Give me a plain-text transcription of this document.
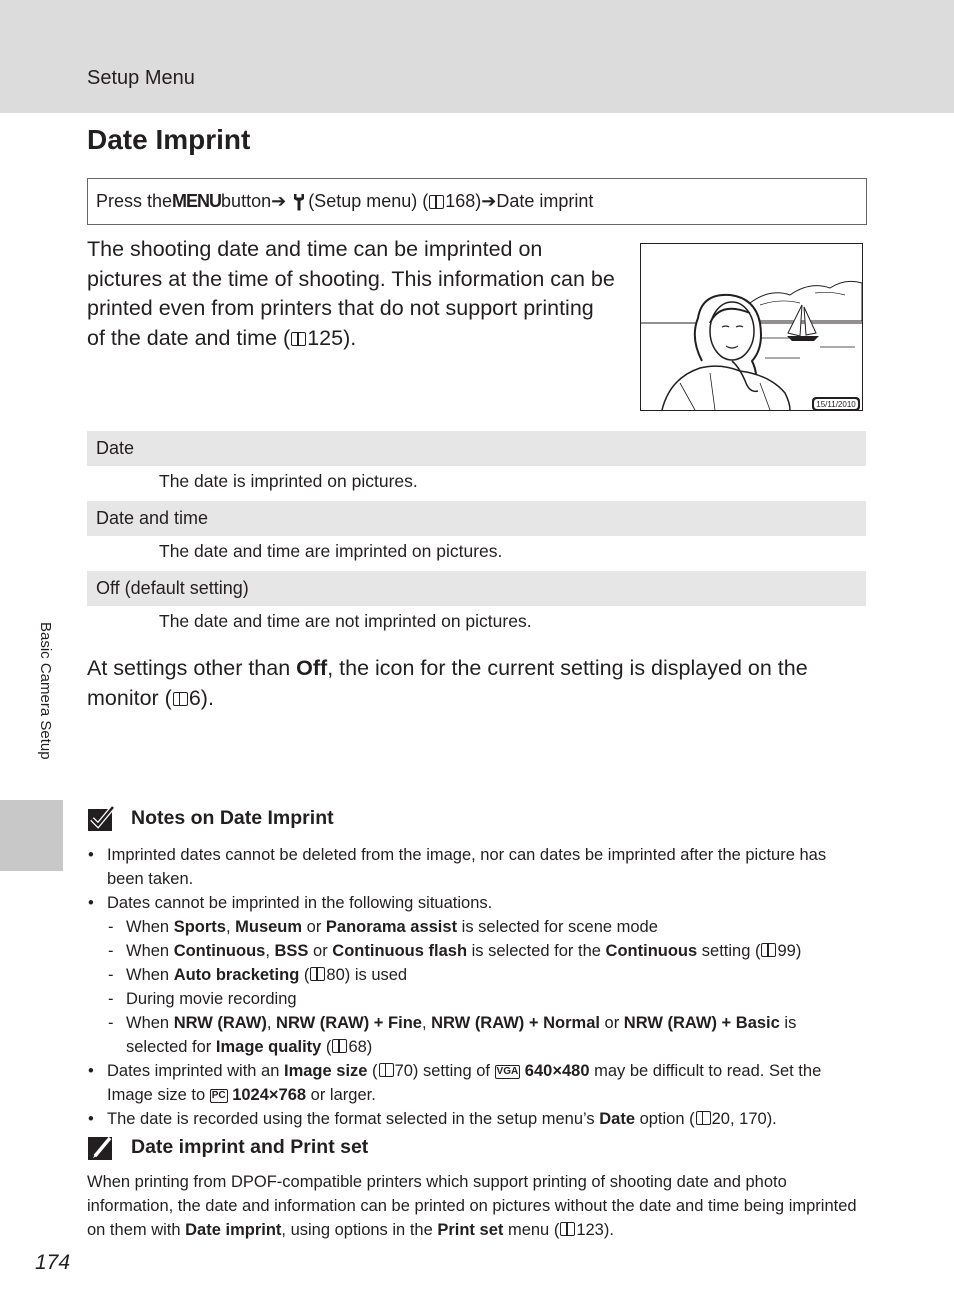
Setup Menu
Date Imprint
Press the MENU button ➔ (Setup menu) ( 168 ) ➔ Date imprint

The shooting date and time can be imprinted on pictures at the time of shooting. This information can be printed even from printers that do not support printing of the date and time ( 125).

15/11/2010
Date
The date is imprinted on pictures.
Date and time
The date and time are imprinted on pictures.
Off (default setting)
The date and time are not imprinted on pictures.

At settings other than Off, the icon for the current setting is displayed on the monitor ( 6).

Basic Camera Setup
Notes on Date Imprint
• Imprinted dates cannot be deleted from the image, nor can dates be imprinted after the picture has been taken.
• Dates cannot be imprinted in the following situations.
- When Sports, Museum or Panorama assist is selected for scene mode
- When Continuous, BSS or Continuous flash is selected for the Continuous setting ( 99)
- When Auto bracketing ( 80) is used
- During movie recording
- When NRW (RAW), NRW (RAW) + Fine, NRW (RAW) + Normal or NRW (RAW) + Basic is selected for Image quality ( 68)
• Dates imprinted with an Image size ( 70) setting of VGA 640×480 may be difficult to read. Set the Image size to PC 1024×768 or larger.
• The date is recorded using the format selected in the setup menu’s Date option ( 20, 170).
Date imprint and Print set

When printing from DPOF-compatible printers which support printing of shooting date and photo information, the date and information can be printed on pictures without the date and time being imprinted on them with Date imprint, using options in the Print set menu ( 123).

174
